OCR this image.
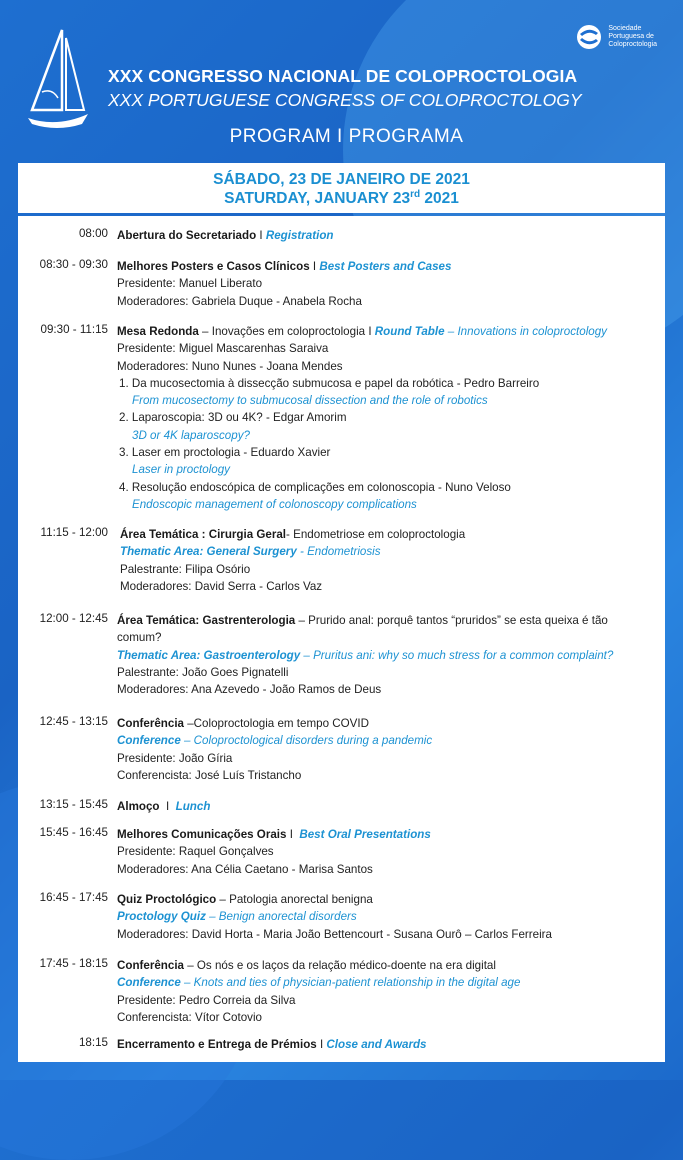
Sociedade
Portuguesa de
Coloproctologia
XXX CONGRESSO NACIONAL DE COLOPROCTOLOGIA
XXX PORTUGUESE CONGRESS OF COLOPROCTOLOGY
PROGRAM I PROGRAMA
SÁBADO, 23 DE JANEIRO DE 2021
SATURDAY, JANUARY 23rd 2021
08:00 Abertura do Secretariado I Registration
08:30 - 09:30 Melhores Posters e Casos Clínicos I Best Posters and Cases
Presidente: Manuel Liberato
Moderadores: Gabriela Duque - Anabela Rocha
09:30 - 11:15 Mesa Redonda – Inovações em coloproctologia I Round Table – Innovations in coloproctology
Presidente: Miguel Mascarenhas Saraiva
Moderadores: Nuno Nunes - Joana Mendes
1. Da mucosectomia à dissecção submucosa e papel da robótica - Pedro Barreiro
From mucosectomy to submucosal dissection and the role of robotics
2. Laparoscopia: 3D ou 4K? - Edgar Amorim
3D or 4K laparoscopy?
3. Laser em proctologia - Eduardo Xavier
Laser in proctology
4. Resolução endoscópica de complicações em colonoscopia - Nuno Veloso
Endoscopic management of colonoscopy complications
11:15 - 12:00 Área Temática : Cirurgia Geral- Endometriose em coloproctologia
Thematic Area: General Surgery - Endometriosis
Palestrante: Filipa Osório
Moderadores: David Serra - Carlos Vaz
12:00 - 12:45 Área Temática: Gastrenterologia – Prurido anal: porquê tantos “pruridos” se esta queixa é tão comum?
Thematic Area: Gastroenterology – Pruritus ani: why so much stress for a common complaint?
Palestrante: João Goes Pignatelli
Moderadores: Ana Azevedo - João Ramos de Deus
12:45 - 13:15 Conferência –Coloproctologia em tempo COVID
Conference – Coloproctological disorders during a pandemic
Presidente: João Gíria
Conferencista: José Luís Tristancho
13:15 - 15:45 Almoço  I  Lunch
15:45 - 16:45 Melhores Comunicações Orais I  Best Oral Presentations
Presidente: Raquel Gonçalves
Moderadores: Ana Célia Caetano - Marisa Santos
16:45 - 17:45 Quiz Proctológico – Patologia anorectal benigna
Proctology Quiz – Benign anorectal disorders
Moderadores: David Horta - Maria João Bettencourt - Susana Ourô – Carlos Ferreira
17:45 - 18:15 Conferência – Os nós e os laços da relação médico-doente na era digital
Conference – Knots and ties of physician-patient relationship in the digital age
Presidente: Pedro Correia da Silva
Conferencista: Vítor Cotovio
18:15 Encerramento e Entrega de Prémios I Close and Awards
